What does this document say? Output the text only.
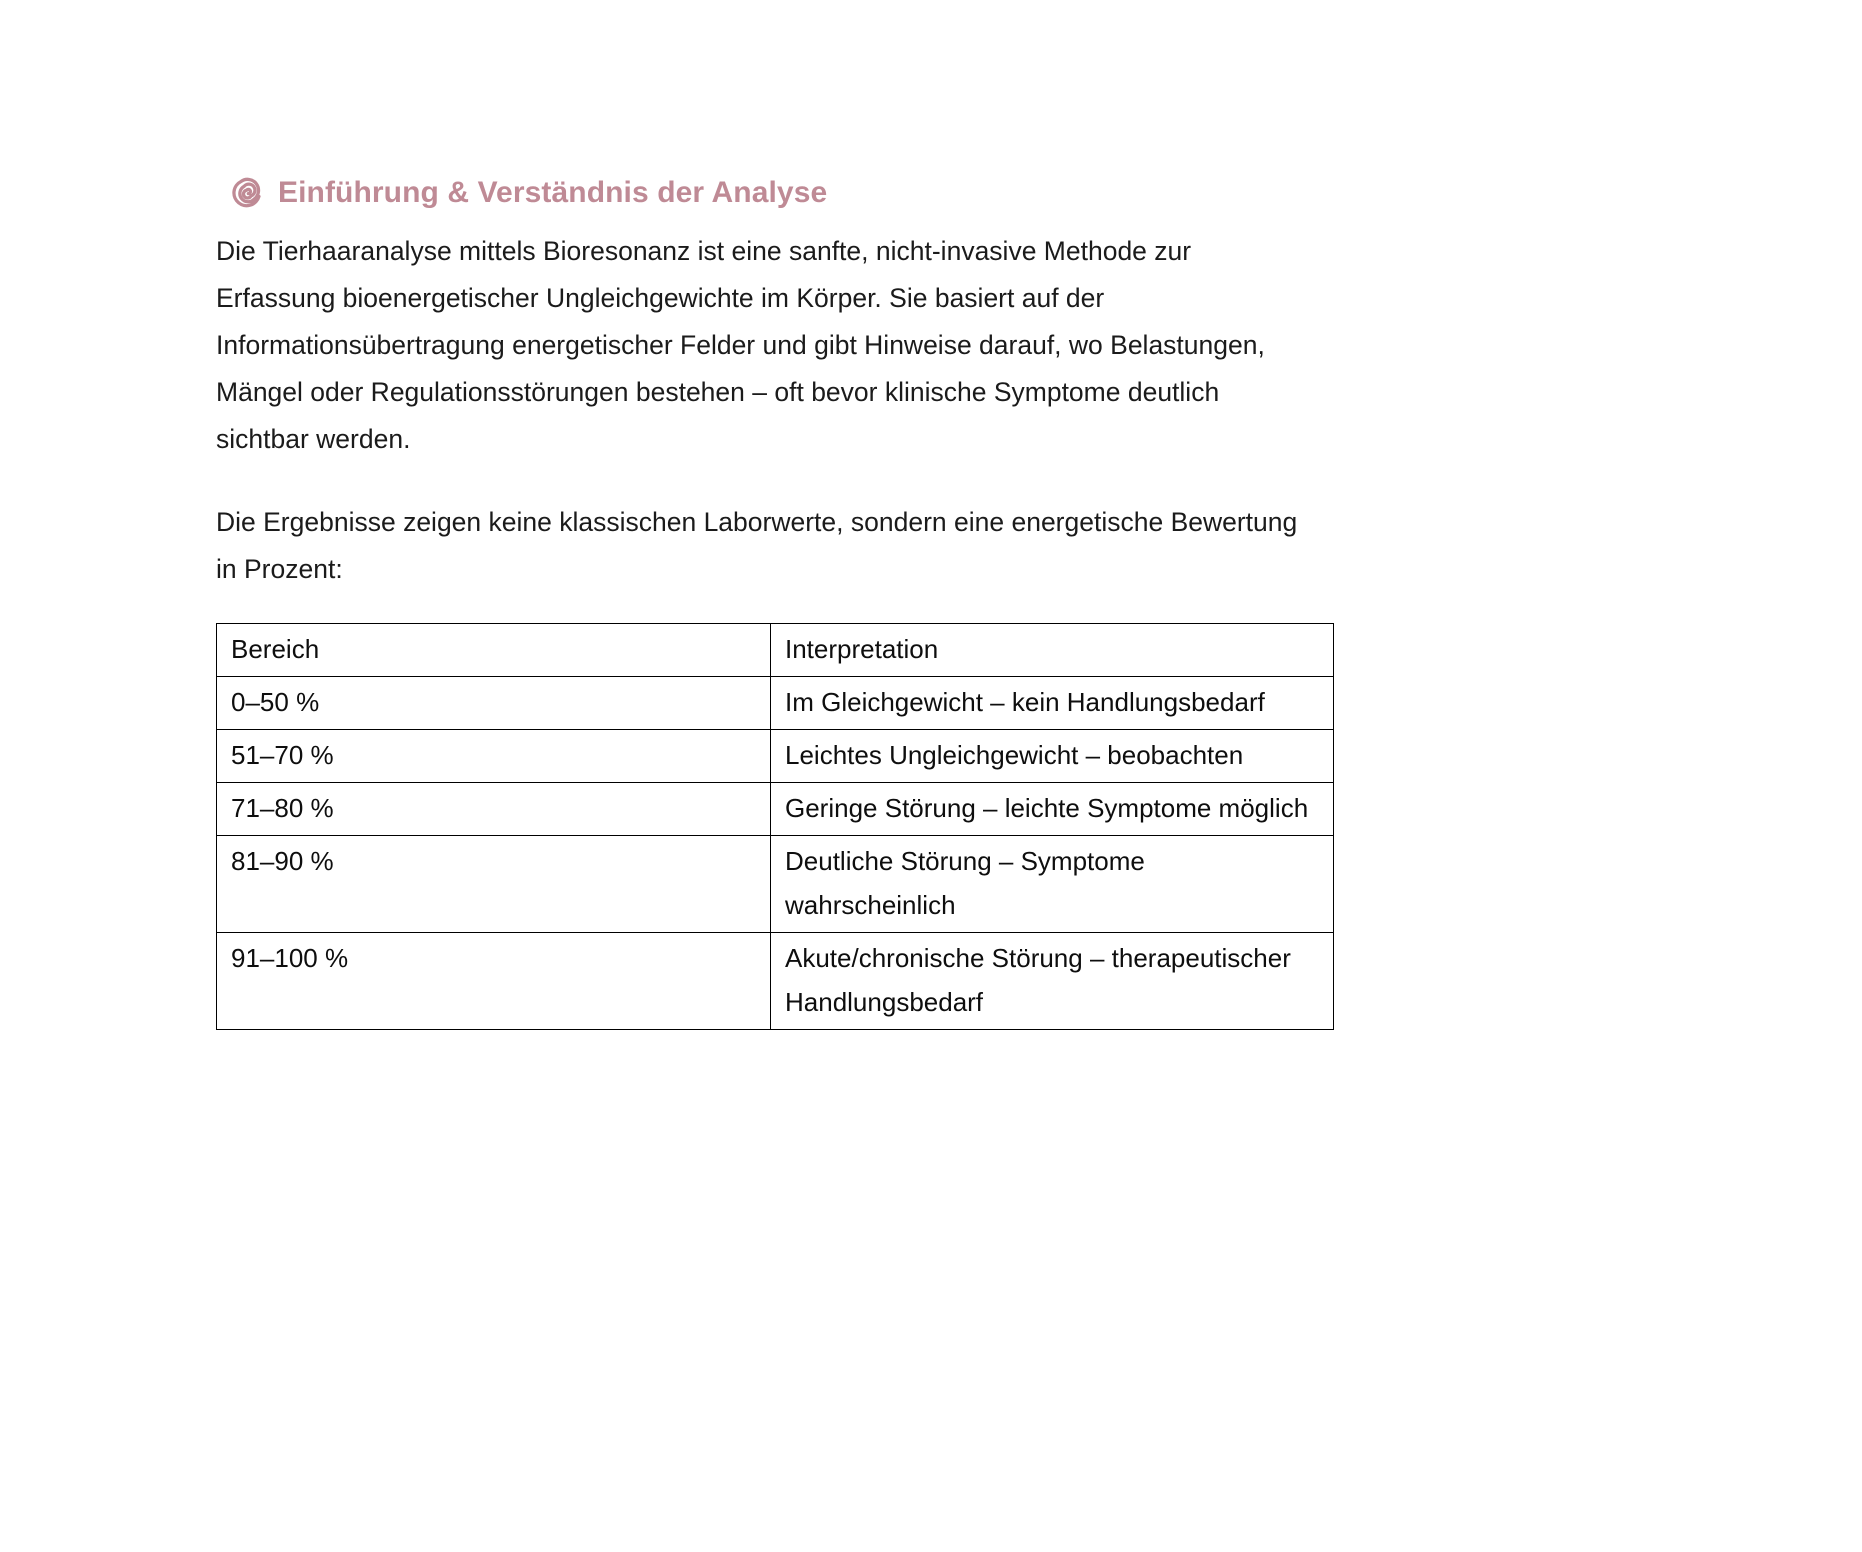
Einführung & Verständnis der Analyse

Die Tierhaaranalyse mittels Bioresonanz ist eine sanfte, nicht-invasive Methode zur Erfassung bioenergetischer Ungleichgewichte im Körper. Sie basiert auf der Informationsübertragung energetischer Felder und gibt Hinweise darauf, wo Belastungen, Mängel oder Regulationsstörungen bestehen – oft bevor klinische Symptome deutlich sichtbar werden.

Die Ergebnisse zeigen keine klassischen Laborwerte, sondern eine energetische Bewertung in Prozent:

Bereich	Interpretation
0–50 %	Im Gleichgewicht – kein Handlungsbedarf

51–70 %	Leichtes Ungleichgewicht – beobachten

71–80 %	Geringe Störung – leichte Symptome möglich

81–90 %	Deutliche Störung – Symptome
wahrscheinlich

91–100 %	Akute/chronische Störung – therapeutischer
Handlungsbedarf
